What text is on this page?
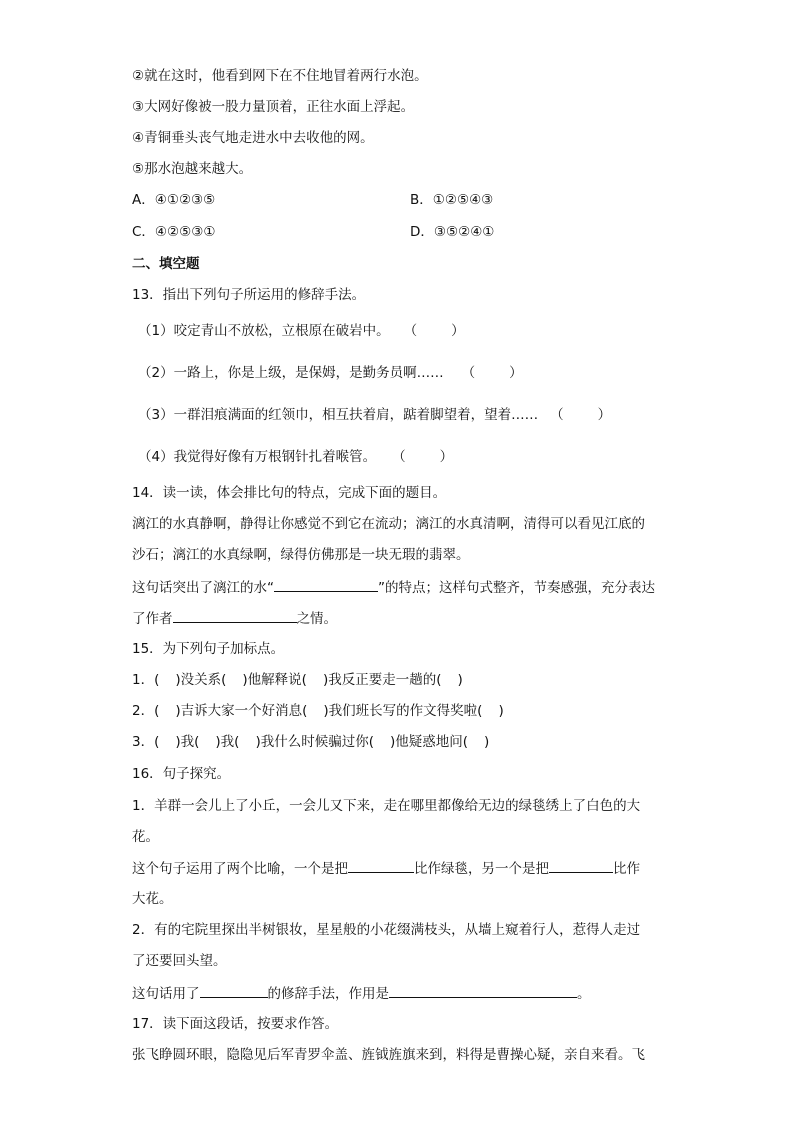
②就在这时，他看到网下在不住地冒着两行水泡。
③大网好像被一股力量顶着，正往水面上浮起。
④青铜垂头丧气地走进水中去收他的网。
⑤那水泡越来越大。
A．④①②③⑤	B．①②⑤④③
C．④②⑤③①	D．③⑤②④①
二、填空题
13．指出下列句子所运用的修辞手法。
（1）咬定青山不放松，立根原在破岩中。 （	）
（2）一路上，你是上级，是保姆，是勤务员啊…… （	）
（3）一群泪痕满面的红领巾，相互扶着肩，踮着脚望着，望着…… （	）
（4）我觉得好像有万根钢针扎着喉管。 （	）
14．读一读，体会排比句的特点，完成下面的题目。
漓江的水真静啊，静得让你感觉不到它在流动；漓江的水真清啊，清得可以看见江底的
沙石；漓江的水真绿啊，绿得仿佛那是一块无瑕的翡翠。
这句话突出了漓江的水“	”的特点；这样句式整齐，节奏感强，充分表达
了作者	之情。
15．为下列句子加标点。
1．( )没关系( )他解释说( )我反正要走一趟的( )
2．( )吉诉大家一个好消息( )我们班长写的作文得奖啦( )
3．( )我( )我( )我什么时候骗过你( )他疑惑地问( )
16．句子探究。
1．羊群一会儿上了小丘，一会儿又下来，走在哪里都像给无边的绿毯绣上了白色的大
花。
这个句子运用了两个比喻，一个是把	比作绿毯，另一个是把	比作
大花。
2．有的宅院里探出半树银妆，星星般的小花缀满枝头，从墙上窥着行人，惹得人走过
了还要回头望。
这句话用了	的修辞手法，作用是	。
17．读下面这段话，按要求作答。
张飞睁圆环眼，隐隐见后军青罗伞盖、旌钺旌旗来到，料得是曹操心疑，亲自来看。飞
